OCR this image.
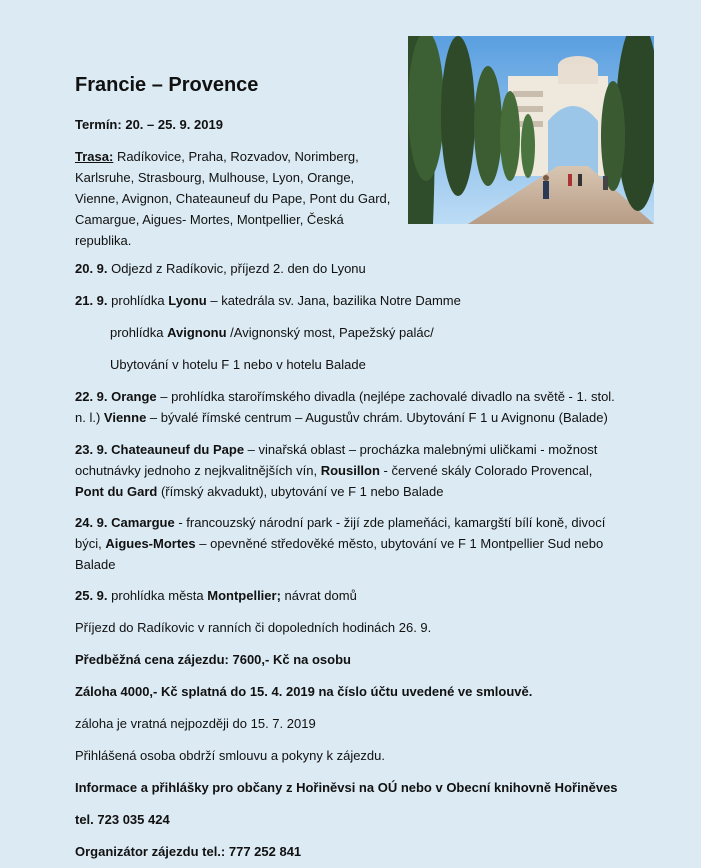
Francie – Provence

Termín: 20. – 25. 9. 2019

Trasa: Radíkovice, Praha, Rozvadov, Norimberg,
Karlsruhe, Strasbourg, Mulhouse, Lyon, Orange,
Vienne, Avignon, Chateauneuf du Pape, Pont du Gard,
Camargue, Aigues- Mortes, Montpellier, Česká
republika.

20. 9. Odjezd z Radíkovic, příjezd 2. den do Lyonu

21. 9. prohlídka Lyonu – katedrála sv. Jana, bazilika Notre Damme

prohlídka Avignonu /Avignonský most, Papežský palác/

Ubytování v hotelu F 1 nebo v hotelu Balade

22. 9. Orange – prohlídka starořímského divadla (nejlépe zachovalé divadlo na světě - 1. stol.
n. l.) Vienne – bývalé římské centrum – Augustův chrám. Ubytování F 1 u Avignonu (Balade)
23. 9. Chateauneuf du Pape – vinařská oblast – procházka malebnými uličkami - možnost
ochutnávky jednoho z nejkvalitnějších vín, Rousillon - červené skály Colorado Provencal,
Pont du Gard (římský akvadukt), ubytování ve F 1 nebo Balade
24. 9. Camargue - francouzský národní park - žijí zde plameňáci, kamargští bílí koně, divocí
býci, Aigues-Mortes – opevněné středověké město, ubytování ve F 1 Montpellier Sud nebo
Balade

25. 9. prohlídka města Montpellier; návrat domů

Příjezd do Radíkovic v ranních či dopoledních hodinách 26. 9.

Předběžná cena zájezdu: 7600,- Kč na osobu

Záloha 4000,- Kč splatná do 15. 4. 2019 na číslo účtu uvedené ve smlouvě.

záloha je vratná nejpozději do 15. 7. 2019

Přihlášená osoba obdrží smlouvu a pokyny k zájezdu.

Informace a přihlášky pro občany z Hořiněvsi na OÚ nebo v Obecní knihovně Hořiněves

tel. 723 035 424

Organizátor zájezdu tel.: 777 252 841
